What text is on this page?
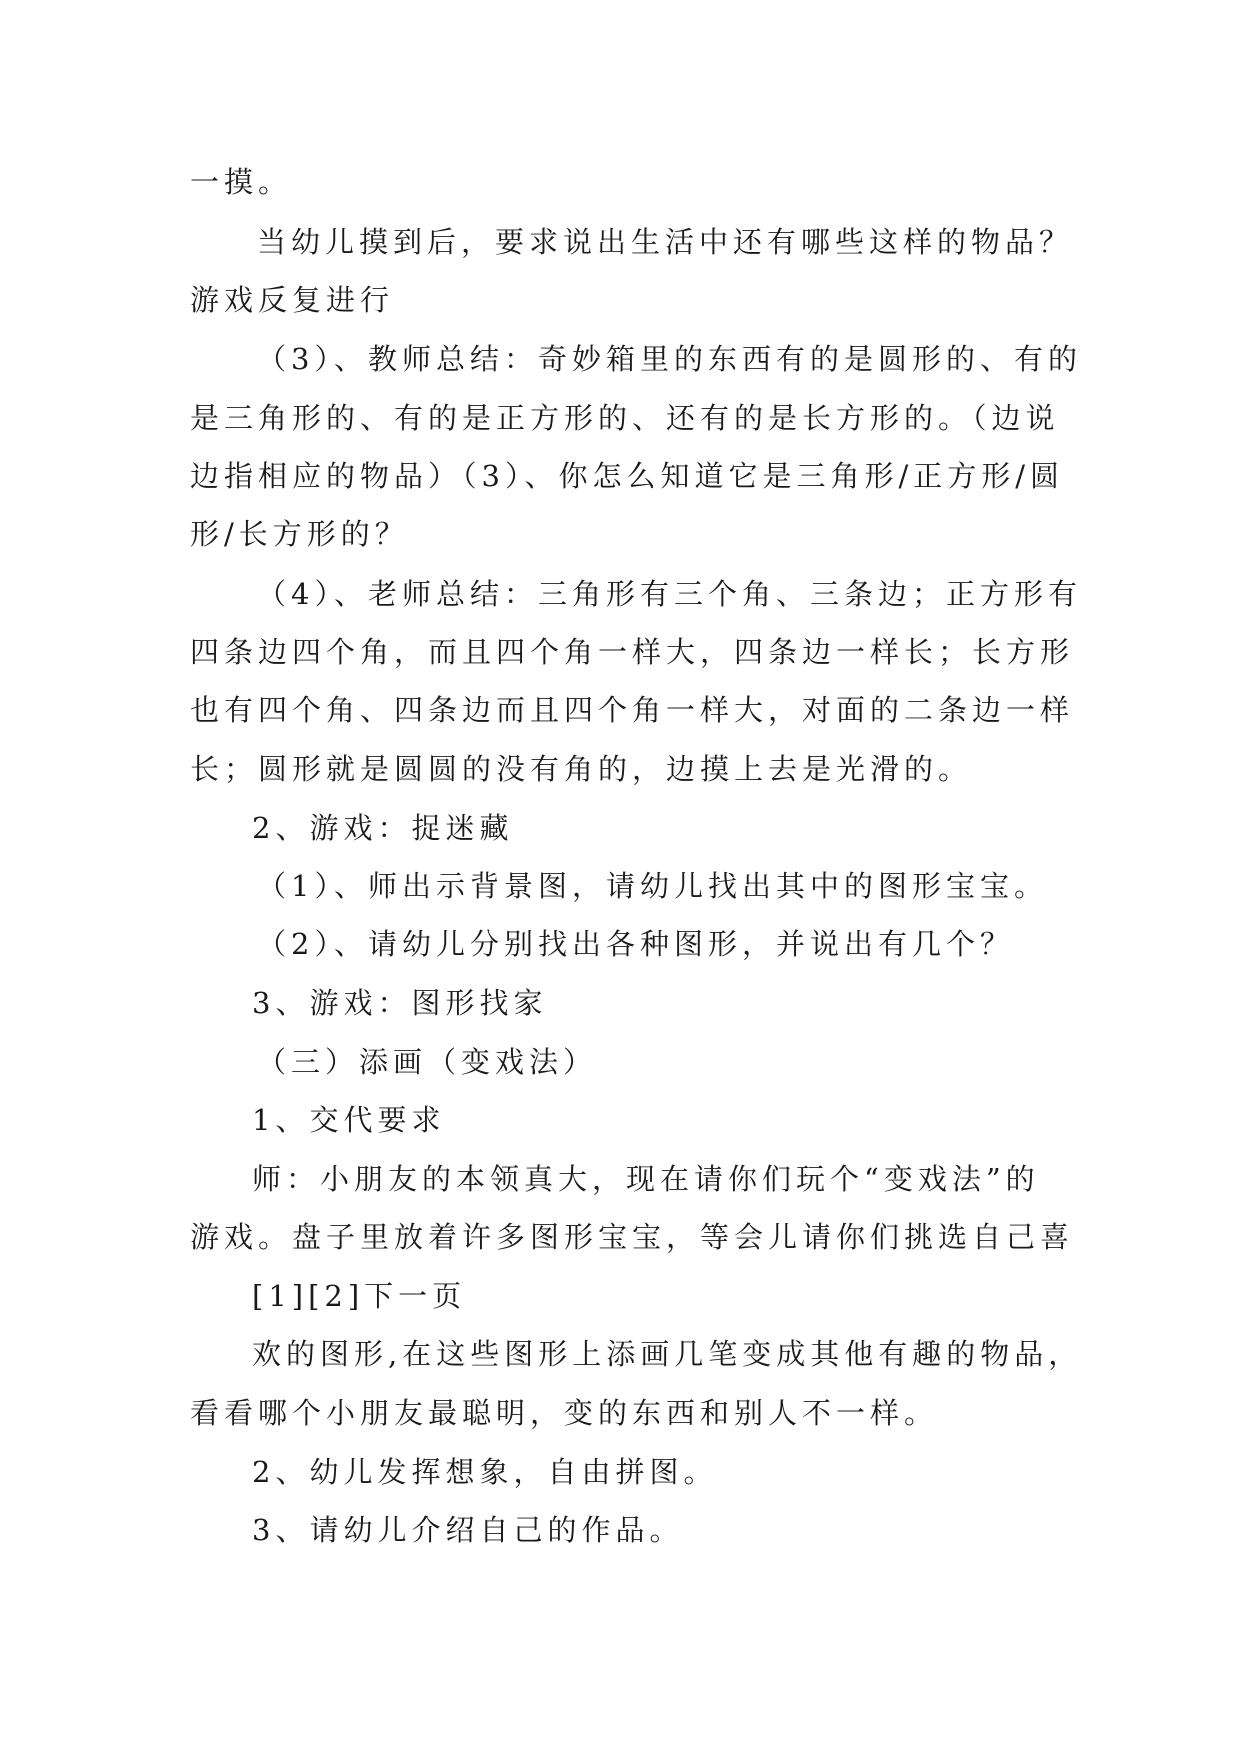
一摸。
当幼儿摸到后，要求说出生活中还有哪些这样的物品？
游戏反复进行
（3）、教师总结：奇妙箱里的东西有的是圆形的、有的
是三角形的、有的是正方形的、还有的是长方形的。（边说
边指相应的物品）（3）、你怎么知道它是三角形/正方形/圆
形/长方形的？
（4）、老师总结：三角形有三个角、三条边；正方形有
四条边四个角，而且四个角一样大，四条边一样长；长方形
也有四个角、四条边而且四个角一样大，对面的二条边一样
长；圆形就是圆圆的没有角的，边摸上去是光滑的。
2、游戏：捉迷藏
（1）、师出示背景图，请幼儿找出其中的图形宝宝。
（2）、请幼儿分别找出各种图形，并说出有几个？
3、游戏：图形找家
（三）添画（变戏法）
1、交代要求
师：小朋友的本领真大，现在请你们玩个“变戏法”的
游戏。盘子里放着许多图形宝宝，等会儿请你们挑选自己喜
[1][2]下一页
欢的图形,在这些图形上添画几笔变成其他有趣的物品，
看看哪个小朋友最聪明，变的东西和别人不一样。
2、幼儿发挥想象，自由拼图。
3、请幼儿介绍自己的作品。
